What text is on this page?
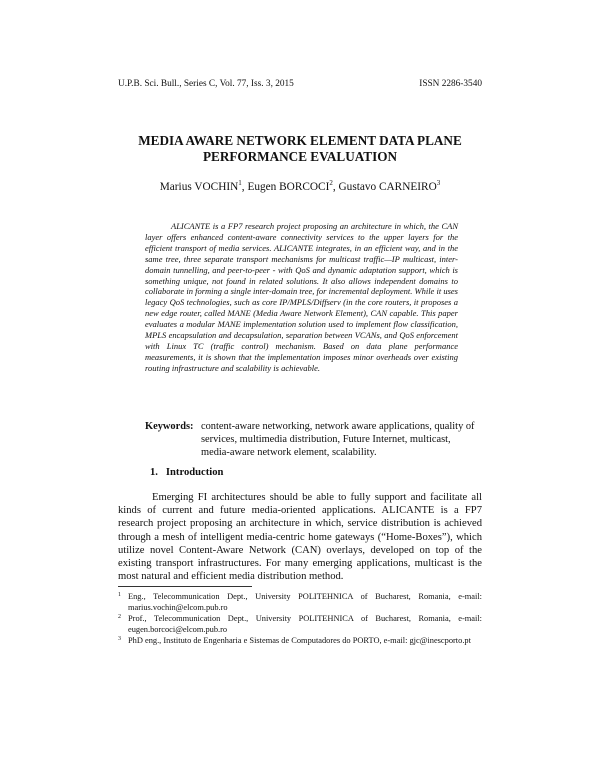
U.P.B. Sci. Bull., Series C, Vol. 77, Iss. 3, 2015	ISSN 2286-3540
MEDIA AWARE NETWORK ELEMENT DATA PLANE
PERFORMANCE EVALUATION
Marius VOCHIN$^1$, Eugen BORCOCI$^2$, Gustavo CARNEIRO$^3$

ALICANTE is a FP7 research project proposing an architecture in which, the CAN layer offers enhanced content-aware connectivity services to the upper layers for the efficient transport of media services. ALICANTE integrates, in an efficient way, and in the same tree, three separate transport mechanisms for multicast traffic—IP multicast, inter-domain tunnelling, and peer-to-peer - with QoS and dynamic adaptation support, which is something unique, not found in related solutions. It also allows independent domains to collaborate in forming a single inter-domain tree, for incremental deployment. While it uses legacy QoS technologies, such as core IP/MPLS/Diffserv (in the core routers, it proposes a new edge router, called MANE (Media Aware Network Element), CAN capable. This paper evaluates a modular MANE implementation solution used to implement flow classification, MPLS encapsulation and decapsulation, separation between VCANs, and QoS enforcement with Linux TC (traffic control) mechanism. Based on data plane performance measurements, it is shown that the implementation imposes minor overheads over existing routing infrastructure and scalability is achievable.

Keywords: content-aware networking, network aware applications, quality of services, multimedia distribution, Future Internet, multicast, media-aware network element, scalability.
1. Introduction

Emerging FI architectures should be able to fully support and facilitate all kinds of current and future media-oriented applications. ALICANTE is a FP7 research project proposing an architecture in which, service distribution is achieved through a mesh of intelligent media-centric home gateways (“Home-Boxes”), which utilize novel Content-Aware Network (CAN) overlays, developed on top of the existing transport infrastructures. For many emerging applications, multicast is the most natural and efficient media distribution method.

1 Eng., Telecommunication Dept., University POLITEHNICA of Bucharest, Romania, e-mail: marius.vochin@elcom.pub.ro
2 Prof., Telecommunication Dept., University POLITEHNICA of Bucharest, Romania, e-mail: eugen.borcoci@elcom.pub.ro
3 PhD eng., Instituto de Engenharia e Sistemas de Computadores do PORTO, e-mail: gjc@inescporto.pt
